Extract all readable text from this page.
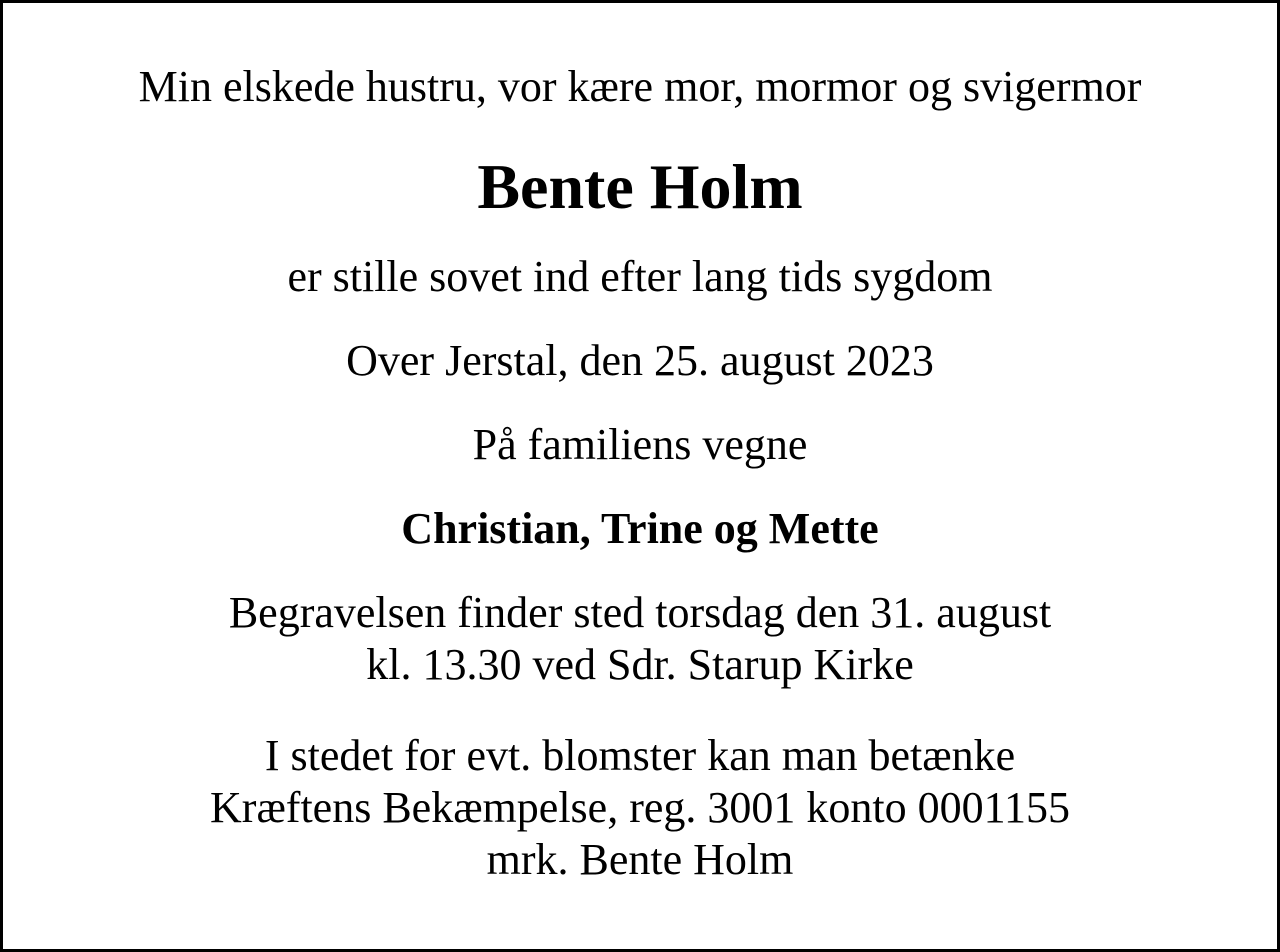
Min elskede hustru, vor kære mor, mormor og svigermor
Bente Holm
er stille sovet ind efter lang tids sygdom
Over Jerstal, den 25. august 2023
På familiens vegne
Christian, Trine og Mette
Begravelsen finder sted torsdag den 31. august
kl. 13.30 ved Sdr. Starup Kirke
I stedet for evt. blomster kan man betænke
Kræftens Bekæmpelse, reg. 3001 konto 0001155
mrk. Bente Holm
